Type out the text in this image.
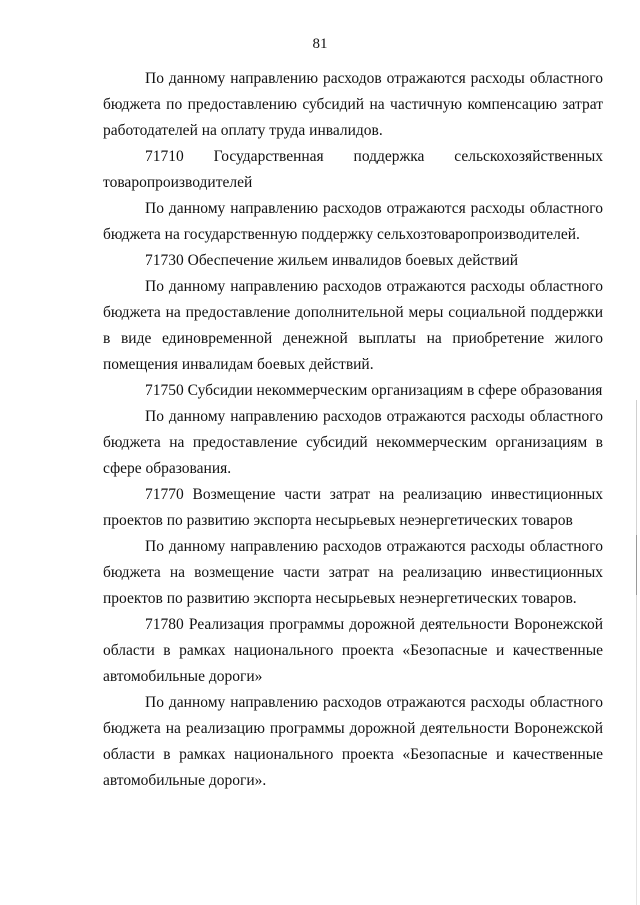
81

По данному направлению расходов отражаются расходы областного бюджета по предоставлению субсидий на частичную компенсацию затрат работодателей на оплату труда инвалидов.

71710 Государственная поддержка сельскохозяйственных товаропроизводителей

По данному направлению расходов отражаются расходы областного бюджета на государственную поддержку сельхозтоваропроизводителей.

71730 Обеспечение жильем инвалидов боевых действий

По данному направлению расходов отражаются расходы областного бюджета на предоставление дополнительной меры социальной поддержки в виде единовременной денежной выплаты на приобретение жилого помещения инвалидам боевых действий.

71750 Субсидии некоммерческим организациям в сфере образования

По данному направлению расходов отражаются расходы областного бюджета на предоставление субсидий некоммерческим организациям в сфере образования.

71770 Возмещение части затрат на реализацию инвестиционных проектов по развитию экспорта несырьевых неэнергетических товаров

По данному направлению расходов отражаются расходы областного бюджета на возмещение части затрат на реализацию инвестиционных проектов по развитию экспорта несырьевых неэнергетических товаров.

71780 Реализация программы дорожной деятельности Воронежской области в рамках национального проекта «Безопасные и качественные автомобильные дороги»

По данному направлению расходов отражаются расходы областного бюджета на реализацию программы дорожной деятельности Воронежской области в рамках национального проекта «Безопасные и качественные автомобильные дороги».
